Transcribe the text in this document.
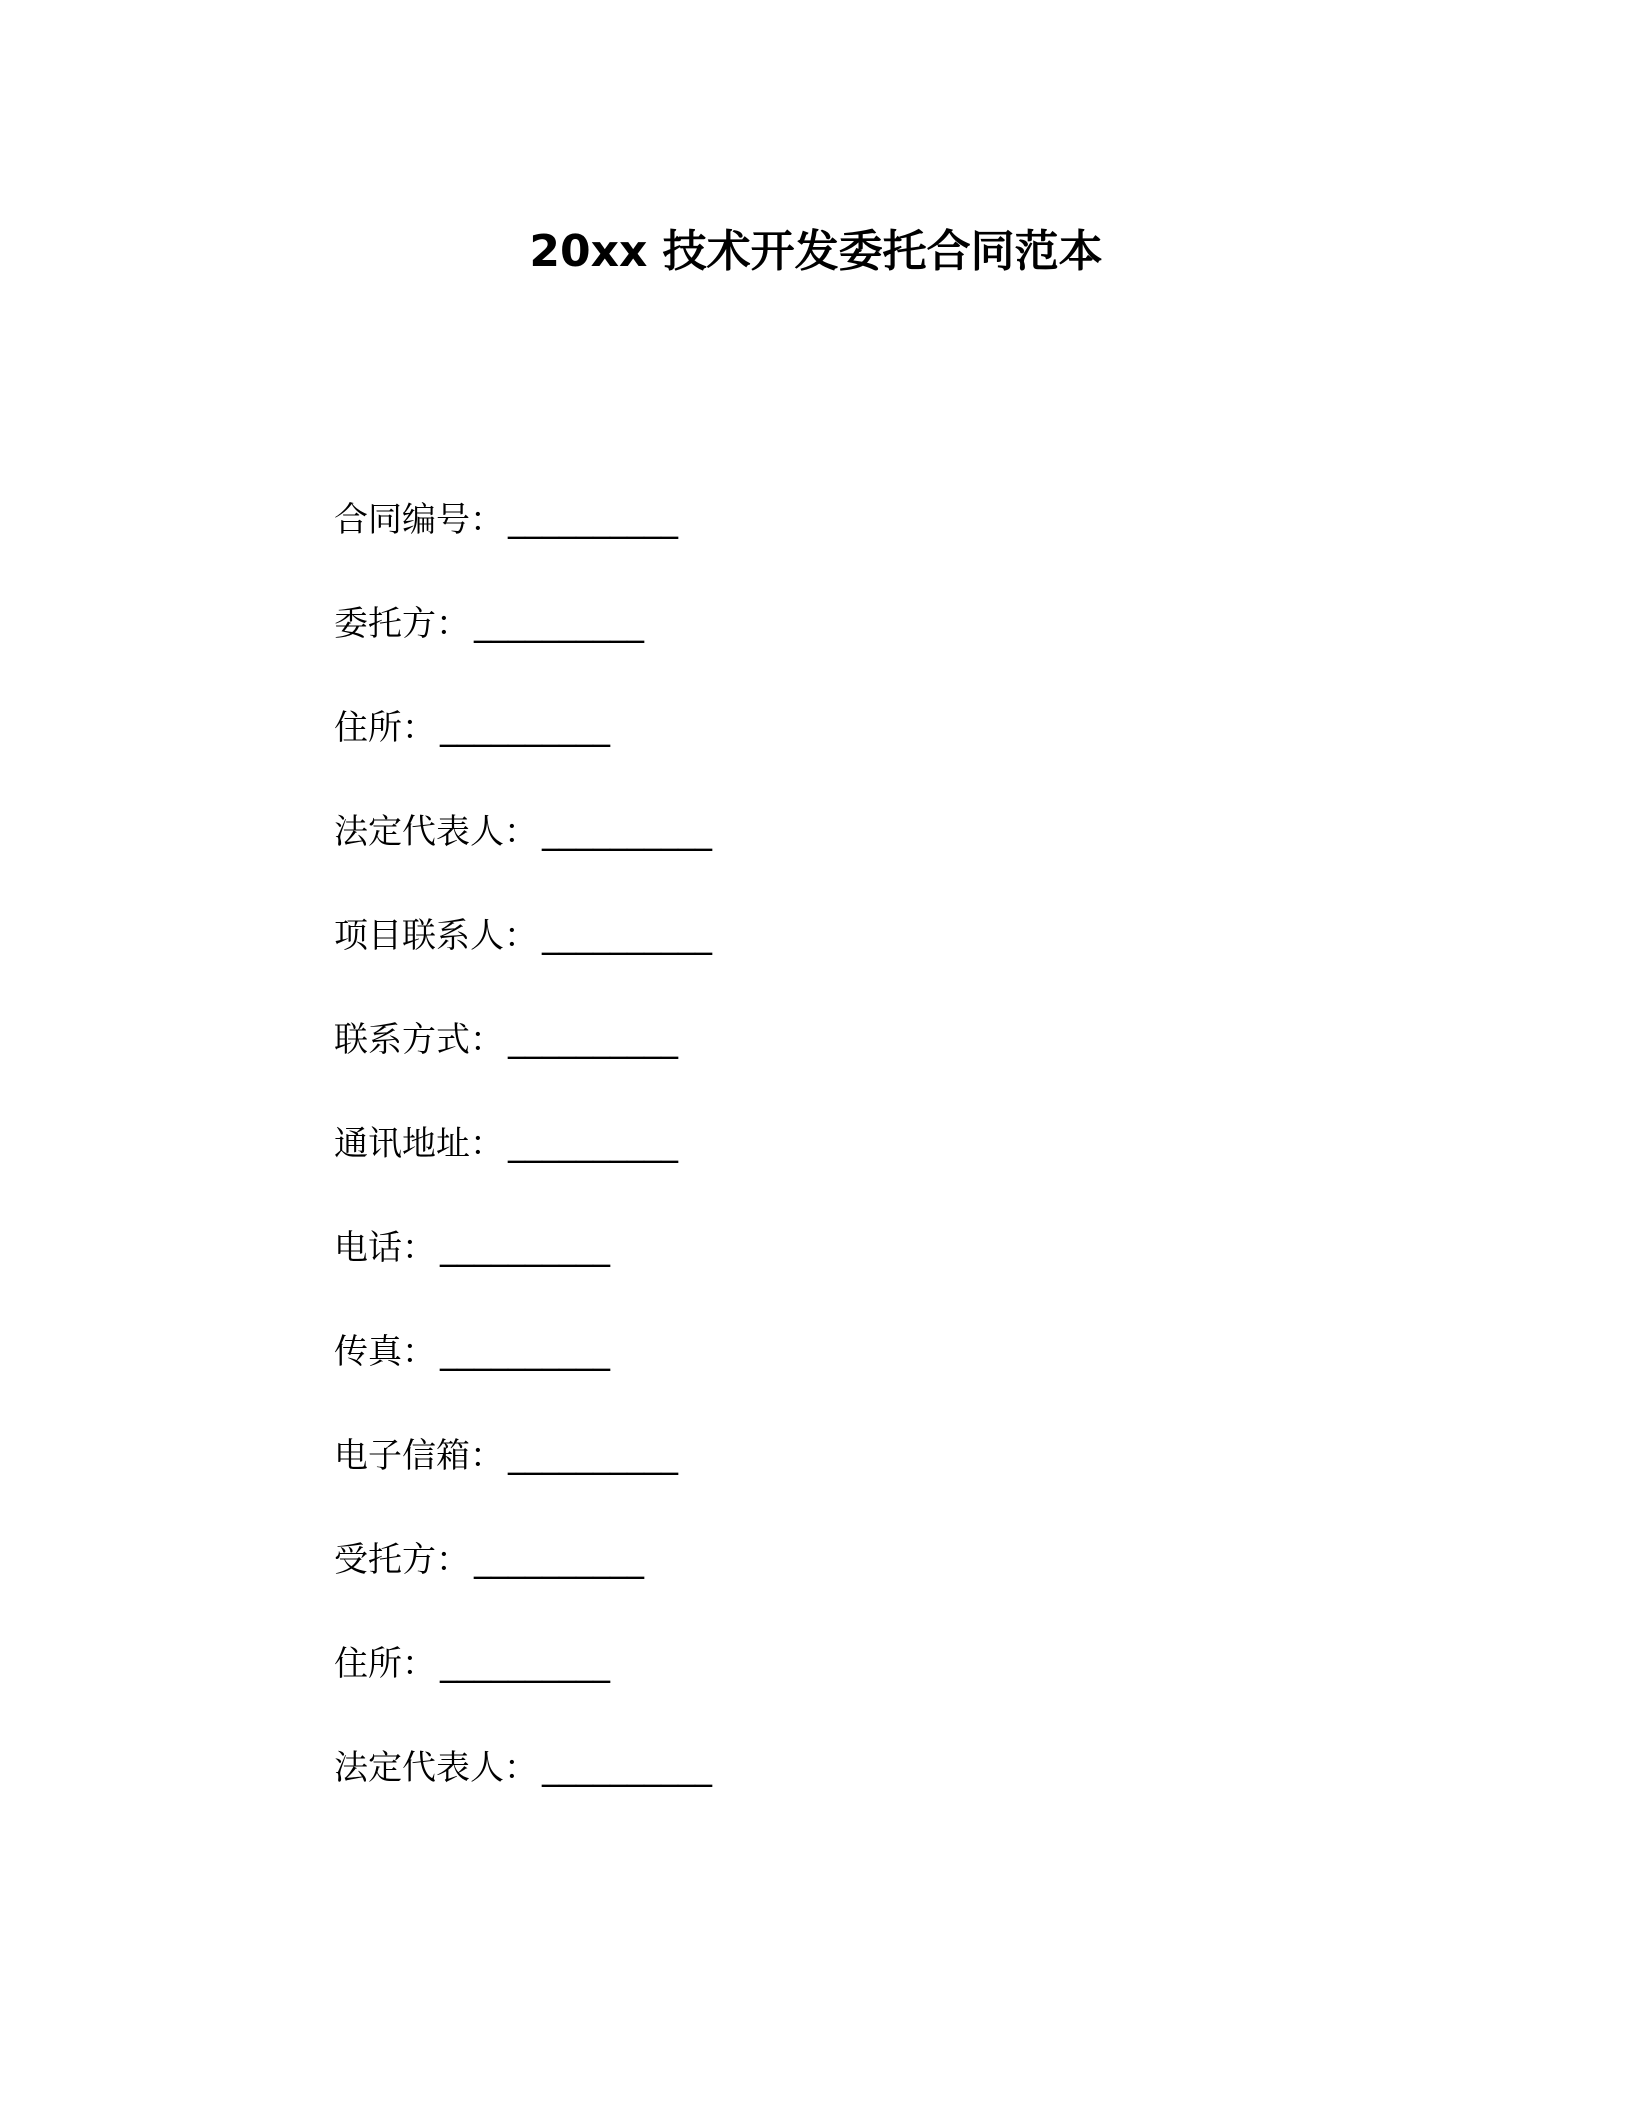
20xx 技术开发委托合同范本
合同编号： __________
委托方： __________
住所： __________
法定代表人： __________
项目联系人： __________
联系方式： __________
通讯地址： __________
电话： __________
传真： __________
电子信箱： __________
受托方： __________
住所： __________
法定代表人： __________
